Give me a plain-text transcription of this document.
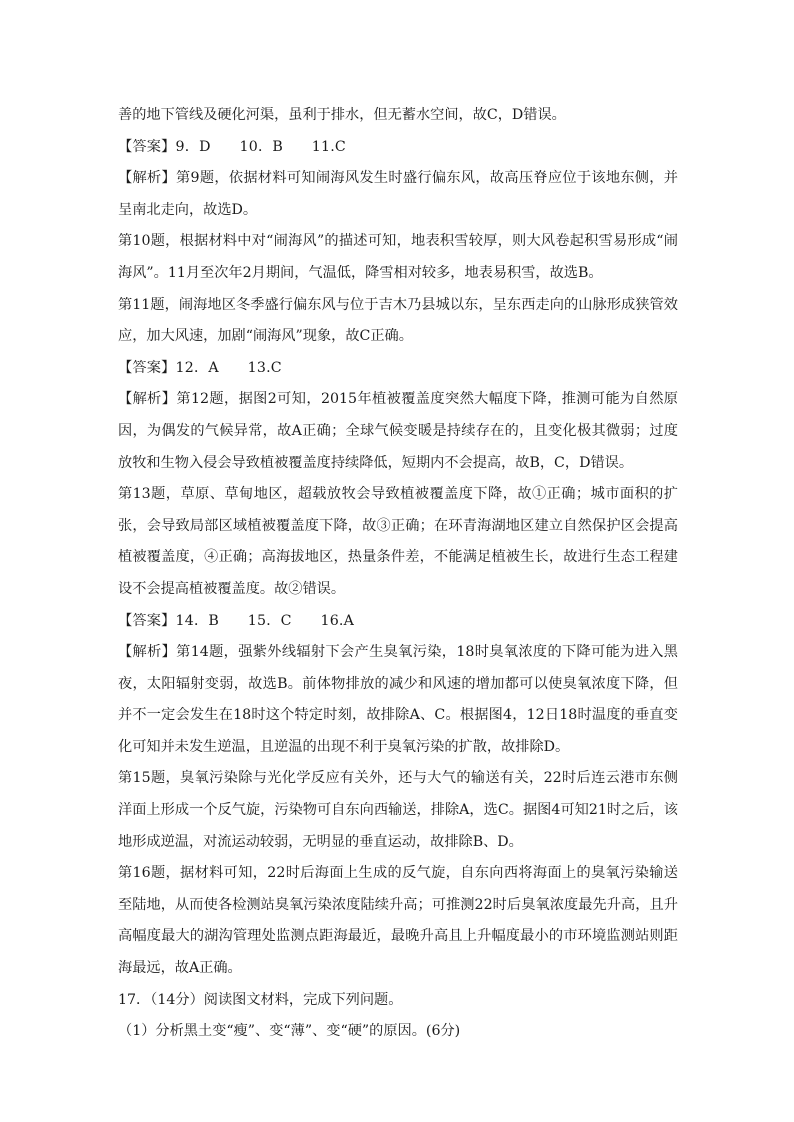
善的地下管线及硬化河渠，虽利于排水，但无蓄水空间，故C，D错误。

【答案】9．D　　10．B　　11.C

【解析】第9题，依据材料可知闹海风发生时盛行偏东风，故高压脊应位于该地东侧，并呈南北走向，故选D。

第10题，根据材料中对“闹海风”的描述可知，地表积雪较厚，则大风卷起积雪易形成“闹海风”。11月至次年2月期间，气温低，降雪相对较多，地表易积雪，故选B。

第11题，闹海地区冬季盛行偏东风与位于吉木乃县城以东，呈东西走向的山脉形成狭管效应，加大风速，加剧“闹海风”现象，故C正确。

【答案】12．A　　13.C

【解析】第12题，据图2可知，2015年植被覆盖度突然大幅度下降，推测可能为自然原因，为偶发的气候异常，故A正确；全球气候变暖是持续存在的，且变化极其微弱；过度放牧和生物入侵会导致植被覆盖度持续降低，短期内不会提高，故B，C，D错误。

第13题，草原、草甸地区，超载放牧会导致植被覆盖度下降，故①正确；城市面积的扩张，会导致局部区域植被覆盖度下降，故③正确；在环青海湖地区建立自然保护区会提高植被覆盖度，④正确；高海拔地区，热量条件差，不能满足植被生长，故进行生态工程建设不会提高植被覆盖度。故②错误。

【答案】14．B　　15．C　　16.A

【解析】第14题，强紫外线辐射下会产生臭氧污染，18时臭氧浓度的下降可能为进入黑夜，太阳辐射变弱，故选B。前体物排放的减少和风速的增加都可以使臭氧浓度下降，但并不一定会发生在18时这个特定时刻，故排除A、C。根据图4，12日18时温度的垂直变化可知并未发生逆温，且逆温的出现不利于臭氧污染的扩散，故排除D。

第15题，臭氧污染除与光化学反应有关外，还与大气的输送有关，22时后连云港市东侧洋面上形成一个反气旋，污染物可自东向西输送，排除A，选C。据图4可知21时之后，该地形成逆温，对流运动较弱，无明显的垂直运动，故排除B、D。

第16题，据材料可知，22时后海面上生成的反气旋，自东向西将海面上的臭氧污染输送至陆地，从而使各检测站臭氧污染浓度陆续升高；可推测22时后臭氧浓度最先升高，且升高幅度最大的湖沟管理处监测点距海最近，最晚升高且上升幅度最小的市环境监测站则距海最远，故A正确。

17．（14分）阅读图文材料，完成下列问题。

（1）分析黑土变“瘦”、变“薄”、变“硬”的原因。(6分)
